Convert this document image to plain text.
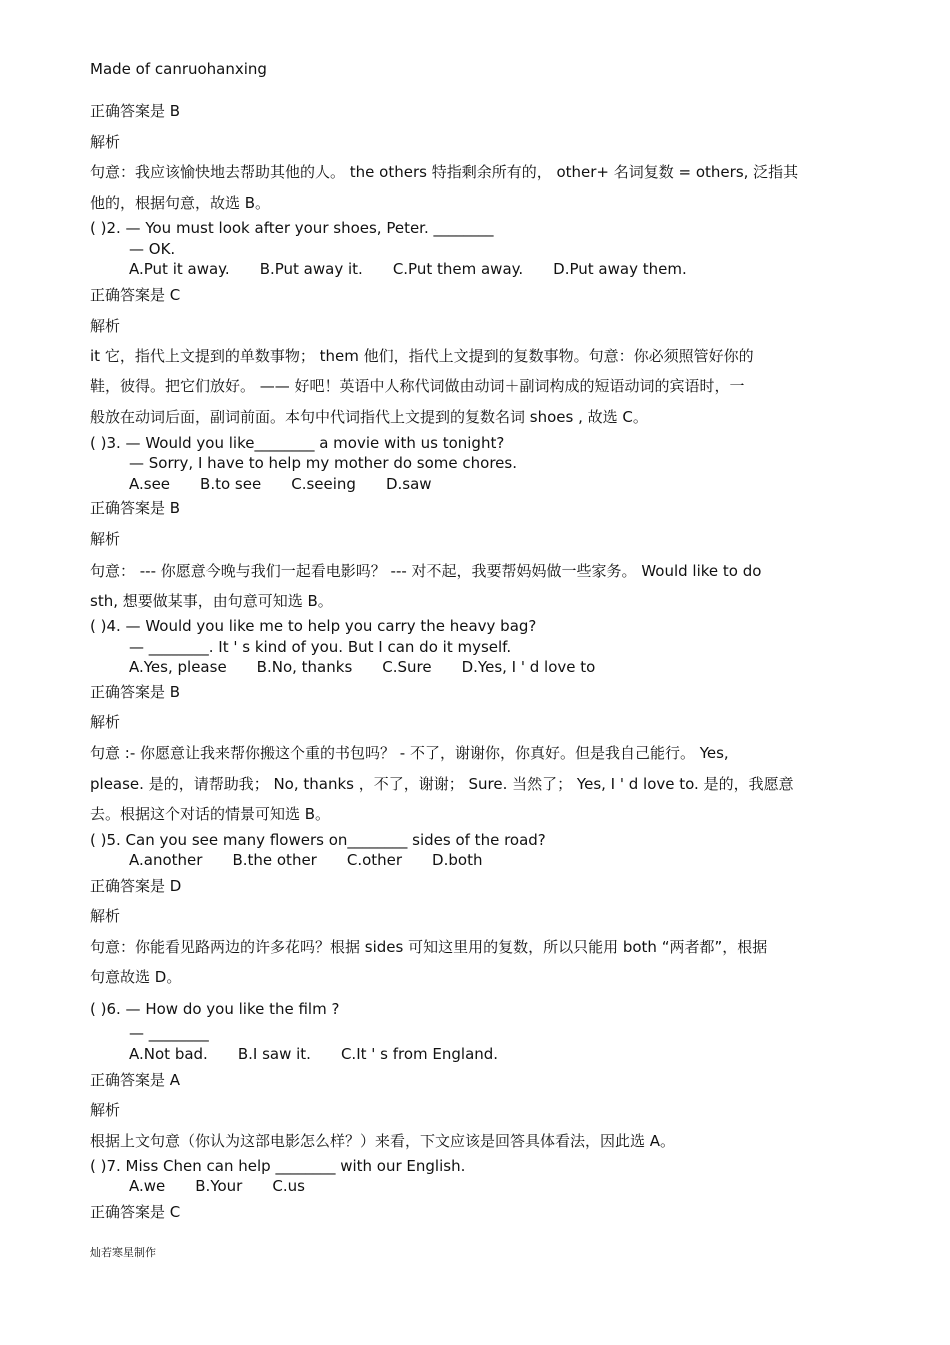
Made of canruohanxing
正确答案是 B
解析
句意：我应该愉快地去帮助其他的人。 the others 特指剩余所有的， other+ 名词复数 = others, 泛指其
他的，根据句意，故选 B。
( )2. — You must look after your shoes, Peter. ________
— OK.
A.Put it away. B.Put away it. C.Put them away. D.Put away them.
正确答案是 C
解析
it 它，指代上文提到的单数事物； them 他们，指代上文提到的复数事物。句意：你必须照管好你的
鞋，彼得。把它们放好。 —— 好吧！英语中人称代词做由动词＋副词构成的短语动词的宾语时，一
般放在动词后面，副词前面。本句中代词指代上文提到的复数名词 shoes , 故选 C。
( )3. — Would you like________ a movie with us tonight?
— Sorry, I have to help my mother do some chores.
A.see B.to see C.seeing D.saw
正确答案是 B
解析
句意： --- 你愿意今晚与我们一起看电影吗？ --- 对不起，我要帮妈妈做一些家务。 Would like to do
sth, 想要做某事，由句意可知选 B。
( )4. — Would you like me to help you carry the heavy bag?
— ________. It ' s kind of you. But I can do it myself.
A.Yes, please B.No, thanks C.Sure D.Yes, I ' d love to
正确答案是 B
解析
句意 :- 你愿意让我来帮你搬这个重的书包吗？ - 不了，谢谢你，你真好。但是我自己能行。 Yes,
please. 是的，请帮助我； No, thanks ，不了，谢谢； Sure. 当然了； Yes, I ' d love to. 是的，我愿意
去。根据这个对话的情景可知选 B。
( )5. Can you see many flowers on________ sides of the road?
A.another B.the other C.other D.both
正确答案是 D
解析
句意：你能看见路两边的许多花吗？根据 sides 可知这里用的复数，所以只能用 both “两者都”，根据
句意故选 D。
( )6. — How do you like the film ?
— ________
A.Not bad. B.I saw it. C.It ' s from England.
正确答案是 A
解析
根据上文句意（你认为这部电影怎么样？）来看，下文应该是回答具体看法，因此选 A。
( )7. Miss Chen can help ________ with our English.
A.we B.Your C.us
正确答案是 C
灿若寒星制作
